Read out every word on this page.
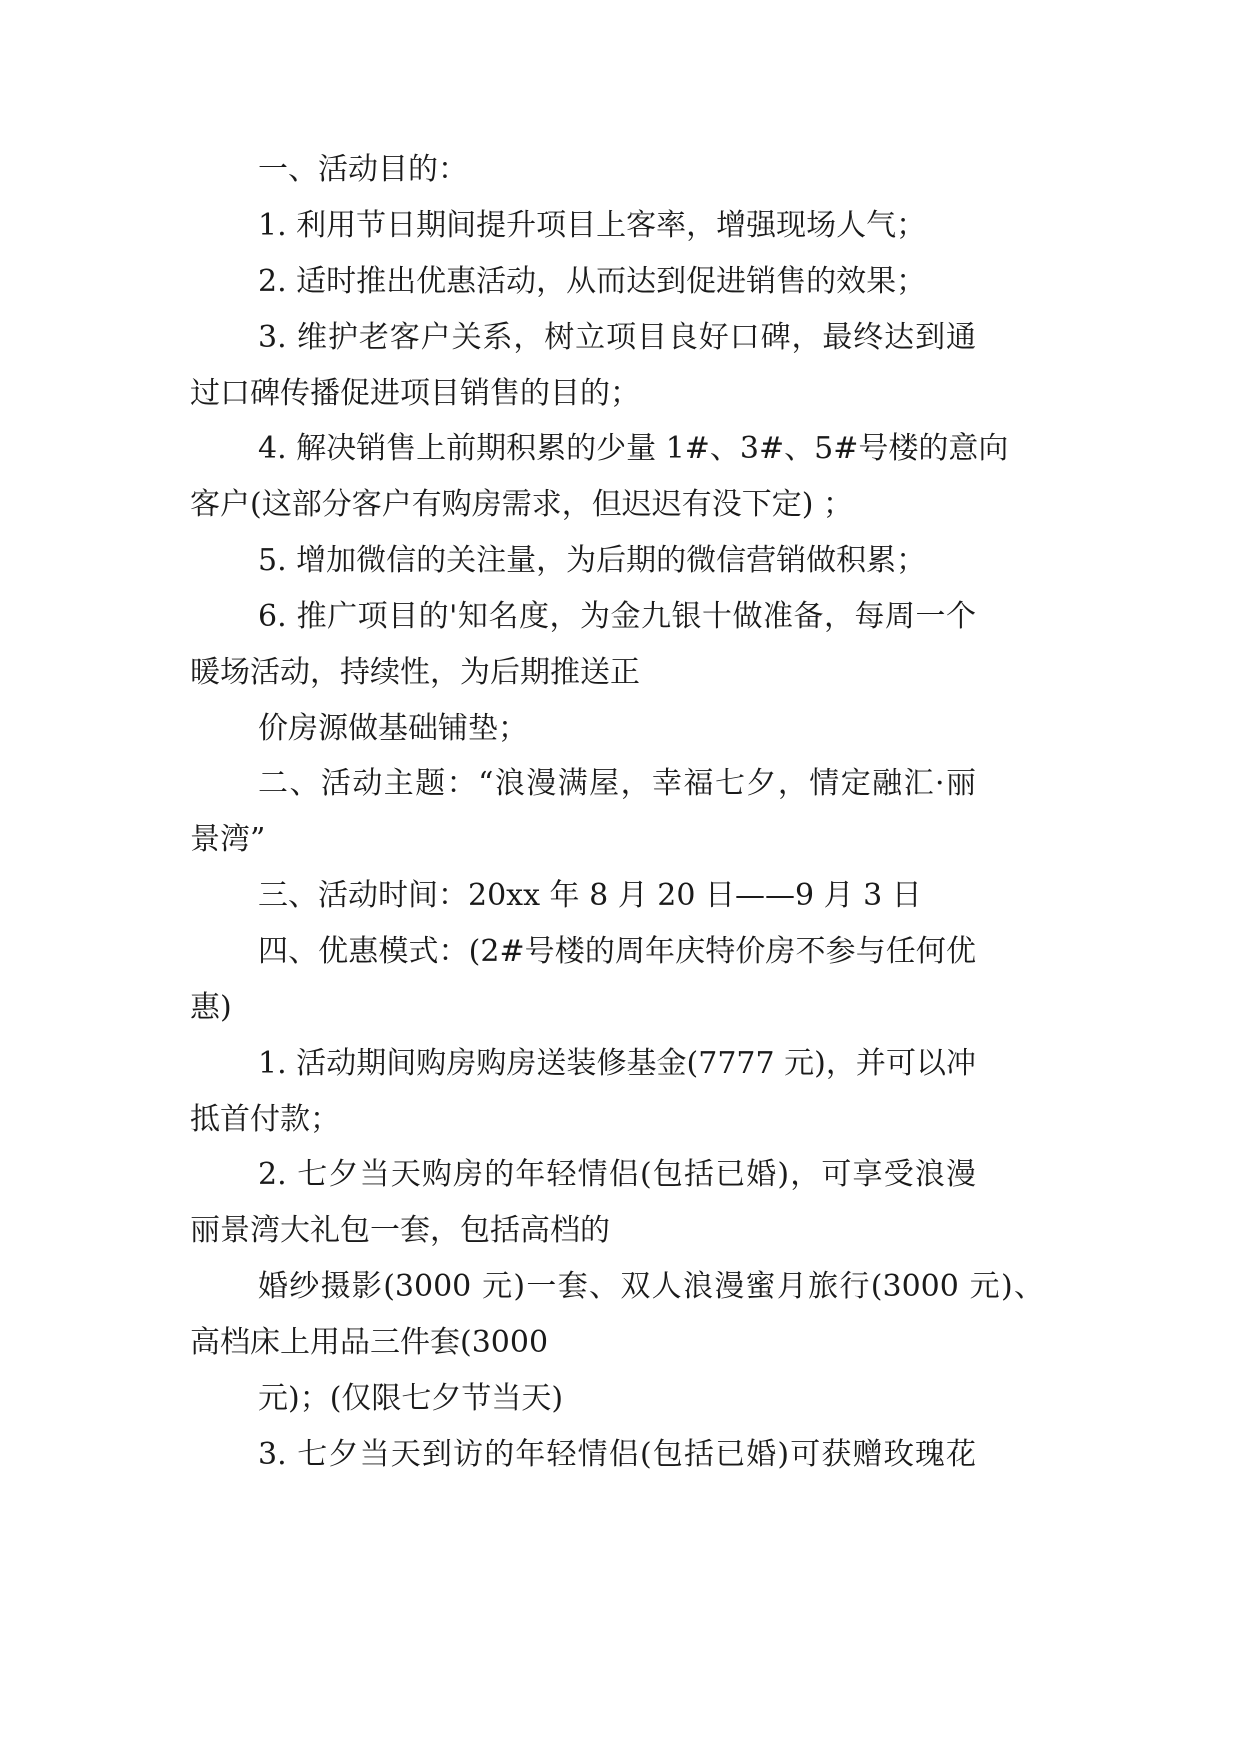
一、活动目的：
1. 利用节日期间提升项目上客率，增强现场人气；
2. 适时推出优惠活动，从而达到促进销售的效果；
3. 维护老客户关系，树立项目良好口碑，最终达到通
过口碑传播促进项目销售的目的；
4. 解决销售上前期积累的少量 1#、3#、5#号楼的意向
客户(这部分客户有购房需求，但迟迟有没下定) ；
5. 增加微信的关注量，为后期的微信营销做积累；
6. 推广项目的'知名度，为金九银十做准备，每周一个
暖场活动，持续性，为后期推送正
价房源做基础铺垫；
二、活动主题：“浪漫满屋，幸福七夕，情定融汇·丽
景湾”
三、活动时间：20xx 年 8 月 20 日——9 月 3 日
四、优惠模式：(2#号楼的周年庆特价房不参与任何优
惠)
1. 活动期间购房购房送装修基金(7777 元)，并可以冲
抵首付款；
2. 七夕当天购房的年轻情侣(包括已婚)，可享受浪漫
丽景湾大礼包一套，包括高档的
婚纱摄影(3000 元)一套、双人浪漫蜜月旅行(3000 元)、
高档床上用品三件套(3000
元)；(仅限七夕节当天)
3. 七夕当天到访的年轻情侣(包括已婚)可获赠玫瑰花
